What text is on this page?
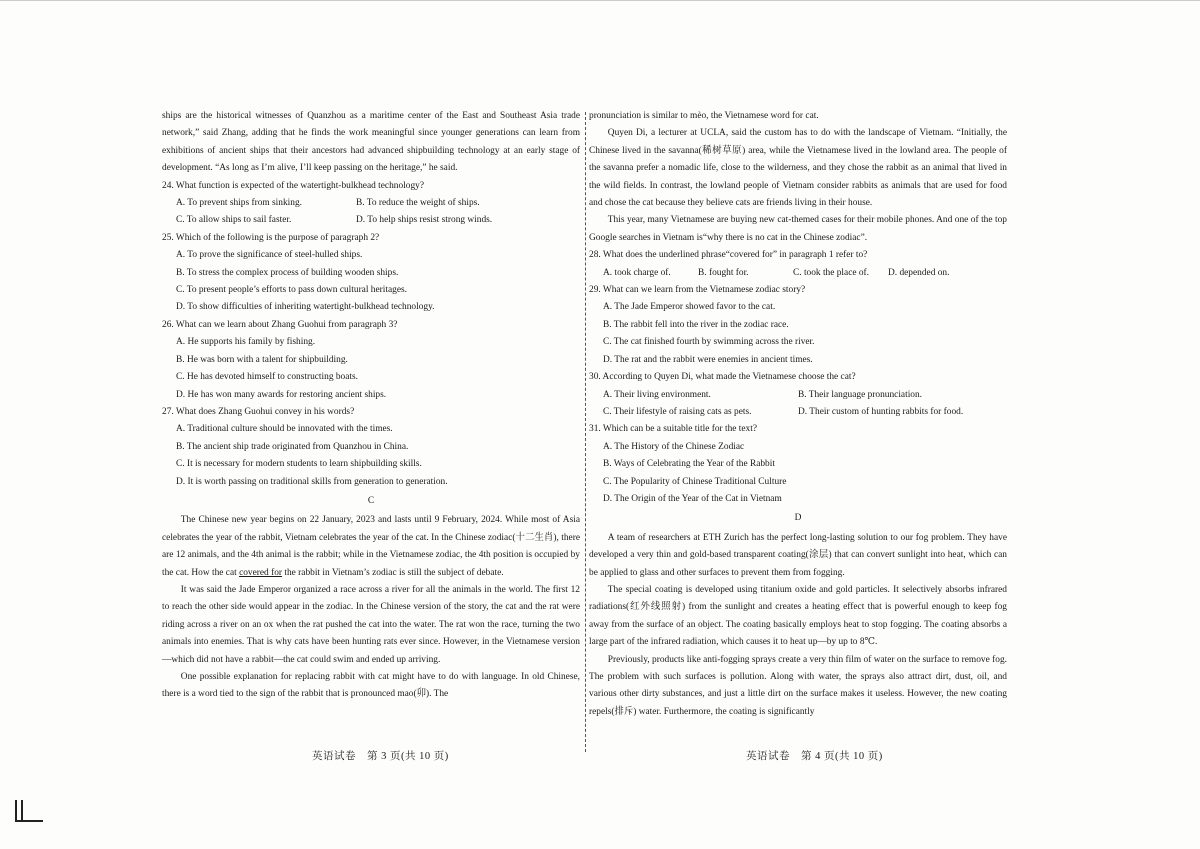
ships are the historical witnesses of Quanzhou as a maritime center of the East and Southeast Asia trade network,” said Zhang, adding that he finds the work meaningful since younger generations can learn from exhibitions of ancient ships that their ancestors had advanced shipbuilding technology at an early stage of development. “As long as I’m alive, I’ll keep passing on the heritage,” he said.

24. What function is expected of the watertight-bulkhead technology?

A. To prevent ships from sinking.	B. To reduce the weight of ships.
C. To allow ships to sail faster.	D. To help ships resist strong winds.

25. Which of the following is the purpose of paragraph 2?

A. To prove the significance of steel-hulled ships.

B. To stress the complex process of building wooden ships.

C. To present people’s efforts to pass down cultural heritages.

D. To show difficulties of inheriting watertight-bulkhead technology.

26. What can we learn about Zhang Guohui from paragraph 3?

A. He supports his family by fishing.

B. He was born with a talent for shipbuilding.

C. He has devoted himself to constructing boats.

D. He has won many awards for restoring ancient ships.

27. What does Zhang Guohui convey in his words?

A. Traditional culture should be innovated with the times.

B. The ancient ship trade originated from Quanzhou in China.

C. It is necessary for modern students to learn shipbuilding skills.

D. It is worth passing on traditional skills from generation to generation.

C

The Chinese new year begins on 22 January, 2023 and lasts until 9 February, 2024. While most of Asia celebrates the year of the rabbit, Vietnam celebrates the year of the cat. In the Chinese zodiac(十二生肖), there are 12 animals, and the 4th animal is the rabbit; while in the Vietnamese zodiac, the 4th position is occupied by the cat. How the cat covered for the rabbit in Vietnam’s zodiac is still the subject of debate.

It was said the Jade Emperor organized a race across a river for all the animals in the world. The first 12 to reach the other side would appear in the zodiac. In the Chinese version of the story, the cat and the rat were riding across a river on an ox when the rat pushed the cat into the water. The rat won the race, turning the two animals into enemies. That is why cats have been hunting rats ever since. However, in the Vietnamese version—which did not have a rabbit—the cat could swim and ended up arriving.

One possible explanation for replacing rabbit with cat might have to do with language. In old Chinese, there is a word tied to the sign of the rabbit that is pronounced mao(卯). The

pronunciation is similar to mèo, the Vietnamese word for cat.

Quyen Di, a lecturer at UCLA, said the custom has to do with the landscape of Vietnam. “Initially, the Chinese lived in the savanna(稀树草原) area, while the Vietnamese lived in the lowland area. The people of the savanna prefer a nomadic life, close to the wilderness, and they chose the rabbit as an animal that lived in the wild fields. In contrast, the lowland people of Vietnam consider rabbits as animals that are used for food and chose the cat because they believe cats are friends living in their house.

This year, many Vietnamese are buying new cat-themed cases for their mobile phones. And one of the top Google searches in Vietnam is“why there is no cat in the Chinese zodiac”.

28. What does the underlined phrase“covered for” in paragraph 1 refer to?

A. took charge of.	B. fought for.	C. took the place of.	D. depended on.

29. What can we learn from the Vietnamese zodiac story?

A. The Jade Emperor showed favor to the cat.

B. The rabbit fell into the river in the zodiac race.

C. The cat finished fourth by swimming across the river.

D. The rat and the rabbit were enemies in ancient times.

30. According to Quyen Di, what made the Vietnamese choose the cat?

A. Their living environment.	B. Their language pronunciation.
C. Their lifestyle of raising cats as pets.	D. Their custom of hunting rabbits for food.

31. Which can be a suitable title for the text?

A. The History of the Chinese Zodiac

B. Ways of Celebrating the Year of the Rabbit

C. The Popularity of Chinese Traditional Culture

D. The Origin of the Year of the Cat in Vietnam

D

A team of researchers at ETH Zurich has the perfect long-lasting solution to our fog problem. They have developed a very thin and gold-based transparent coating(涂层) that can convert sunlight into heat, which can be applied to glass and other surfaces to prevent them from fogging.

The special coating is developed using titanium oxide and gold particles. It selectively absorbs infrared radiations(红外线照射) from the sunlight and creates a heating effect that is powerful enough to keep fog away from the surface of an object. The coating basically employs heat to stop fogging. The coating absorbs a large part of the infrared radiation, which causes it to heat up—by up to 8℃.

Previously, products like anti-fogging sprays create a very thin film of water on the surface to remove fog. The problem with such surfaces is pollution. Along with water, the sprays also attract dirt, dust, oil, and various other dirty substances, and just a little dirt on the surface makes it useless. However, the new coating repels(排斥) water. Furthermore, the coating is significantly

英语试卷　第 3 页(共 10 页)	英语试卷　第 4 页(共 10 页)
